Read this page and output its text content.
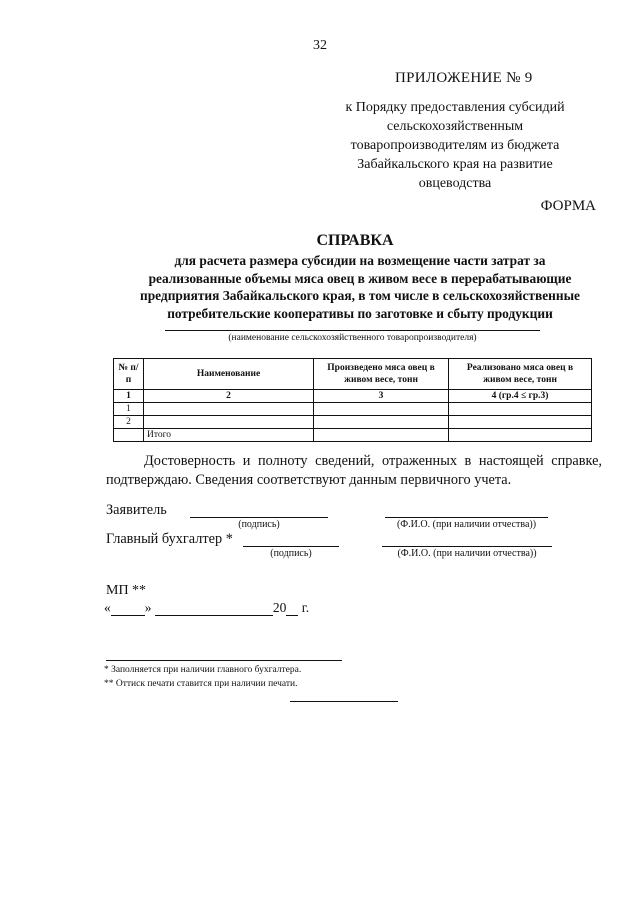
32
ПРИЛОЖЕНИЕ № 9
к Порядку предоставления субсидий
сельскохозяйственным
товаропроизводителям из бюджета
Забайкальского края на развитие
овцеводства
ФОРМА
СПРАВКА
для расчета размера субсидии на возмещение части затрат за
реализованные объемы мяса овец в живом весе в перерабатывающие
предприятия Забайкальского края, в том числе в сельскохозяйственные
потребительские кооперативы по заготовке и сбыту продукции
(наименование сельскохозяйственного товаропроизводителя)
№ п/п	Наименование	Произведено мяса овец в живом весе, тонн	Реализовано мяса овец в живом весе, тонн
1	2	3	4 (гр.4 ≤ гр.3)
1			
2			
	Итого		
Достоверность и полноту сведений, отраженных в настоящей справке, подтверждаю. Сведения соответствуют данным первичного учета.
Заявитель
(подпись)	(Ф.И.О. (при наличии отчества))
Главный бухгалтер *
(подпись)	(Ф.И.О. (при наличии отчества))
МП **
«	»	20 г.
* Заполняется при наличии главного бухгалтера.
** Оттиск печати ставится при наличии печати.
